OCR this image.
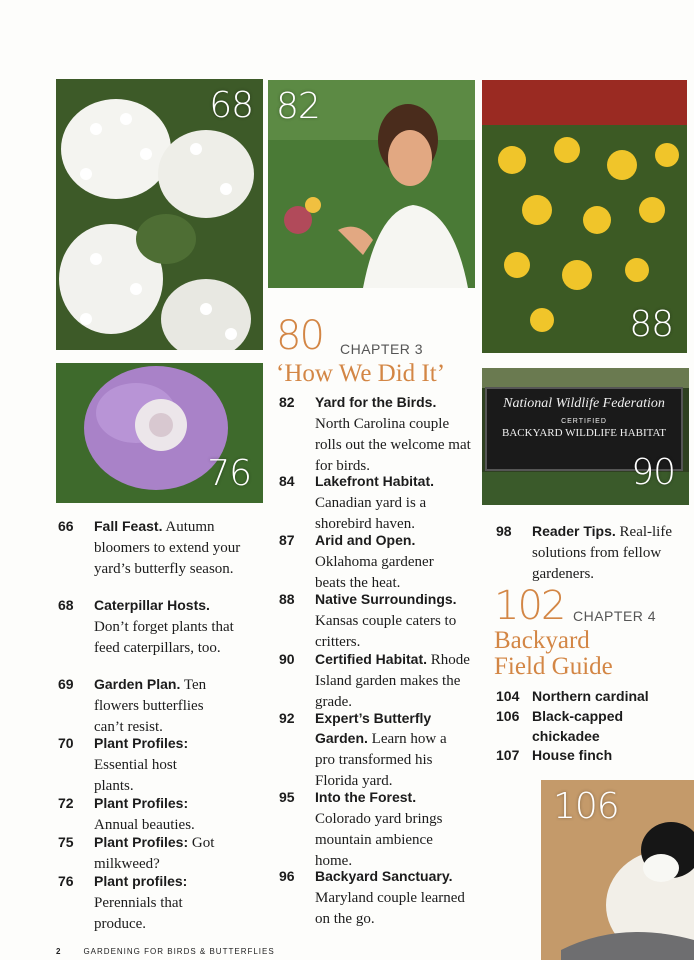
68 82
88
76
National Wildlife Federation
CERTIFIED
BACKYARD WILDLIFE HABITAT
90
106
66 Fall Feast. Autumn bloomers to extend your yard’s butterfly season.
68 Caterpillar Hosts. Don’t forget plants that feed caterpillars, too.
69 Garden Plan. Ten flowers butterflies can’t resist.
70 Plant Profiles: Essential host plants.
72 Plant Profiles: Annual beauties.
75 Plant Profiles: Got milkweed?
76 Plant profiles: Perennials that produce.
80 CHAPTER 3
‘How We Did It’
82 Yard for the Birds. North Carolina couple rolls out the welcome mat for birds.
84 Lakefront Habitat. Canadian yard is a shorebird haven.
87 Arid and Open. Oklahoma gardener beats the heat.
88 Native Surroundings. Kansas couple caters to critters.
90 Certified Habitat. Rhode Island garden makes the grade.
92 Expert’s Butterfly Garden. Learn how a pro transformed his Florida yard.
95 Into the Forest. Colorado yard brings mountain ambience home.
96 Backyard Sanctuary. Maryland couple learned on the go.
98 Reader Tips. Real-life solutions from fellow gardeners.
102 CHAPTER 4
Backyard
Field Guide
104 Northern cardinal
106 Black-capped chickadee
107 House finch
2	GARDENING FOR BIRDS & BUTTERFLIES
